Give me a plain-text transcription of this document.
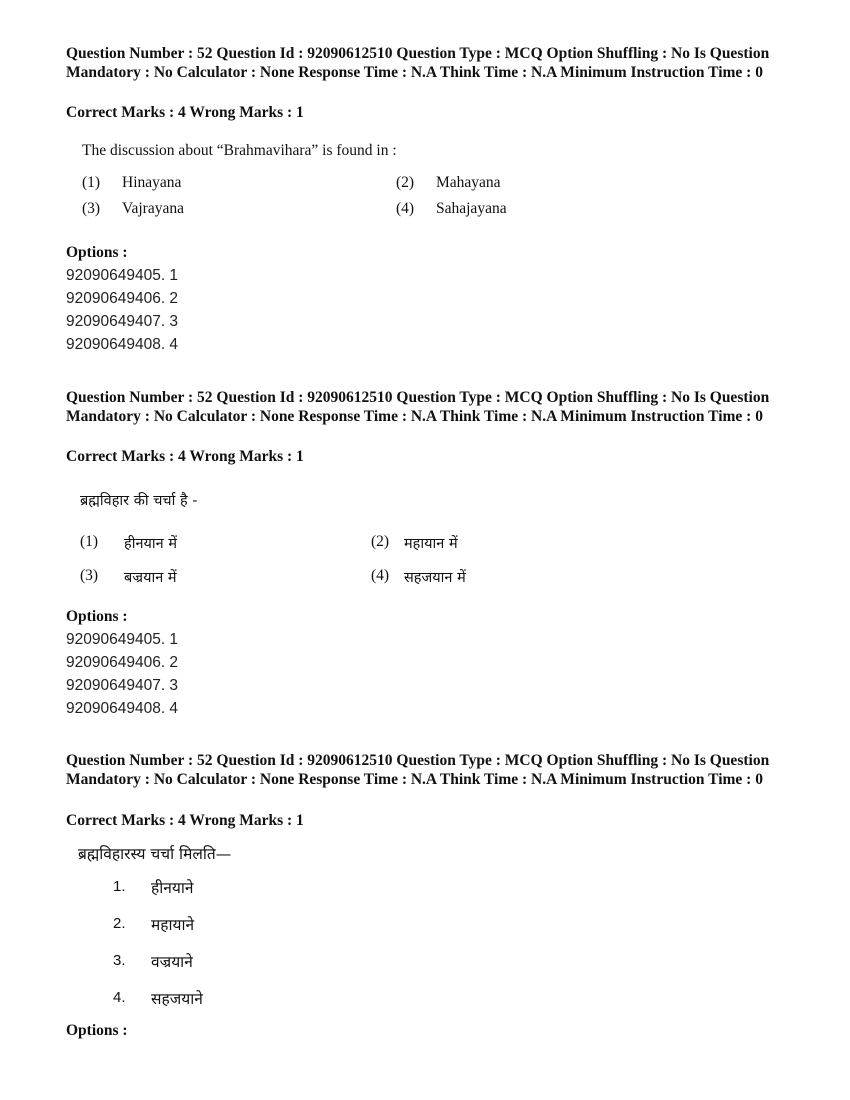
Question Number : 52 Question Id : 92090612510 Question Type : MCQ Option Shuffling : No Is Question Mandatory : No Calculator : None Response Time : N.A Think Time : N.A Minimum Instruction Time : 0
Correct Marks : 4 Wrong Marks : 1
The discussion about “Brahmavihara” is found in :
(1) Hinayana	(2) Mahayana
(3) Vajrayana	(4) Sahajayana
Options :
92090649405. 1
92090649406. 2
92090649407. 3
92090649408. 4
Question Number : 52 Question Id : 92090612510 Question Type : MCQ Option Shuffling : No Is Question Mandatory : No Calculator : None Response Time : N.A Think Time : N.A Minimum Instruction Time : 0
Correct Marks : 4 Wrong Marks : 1
ब्रह्मविहार की चर्चा है -
(1) हीनयान में	(2) महायान में
(3) बज्रयान में	(4) सहजयान में
Options :
92090649405. 1
92090649406. 2
92090649407. 3
92090649408. 4
Question Number : 52 Question Id : 92090612510 Question Type : MCQ Option Shuffling : No Is Question Mandatory : No Calculator : None Response Time : N.A Think Time : N.A Minimum Instruction Time : 0
Correct Marks : 4 Wrong Marks : 1
ब्रह्मविहारस्य चर्चा मिलति—
1. हीनयाने
2. महायाने
3. वज्रयाने
4. सहजयाने
Options :
